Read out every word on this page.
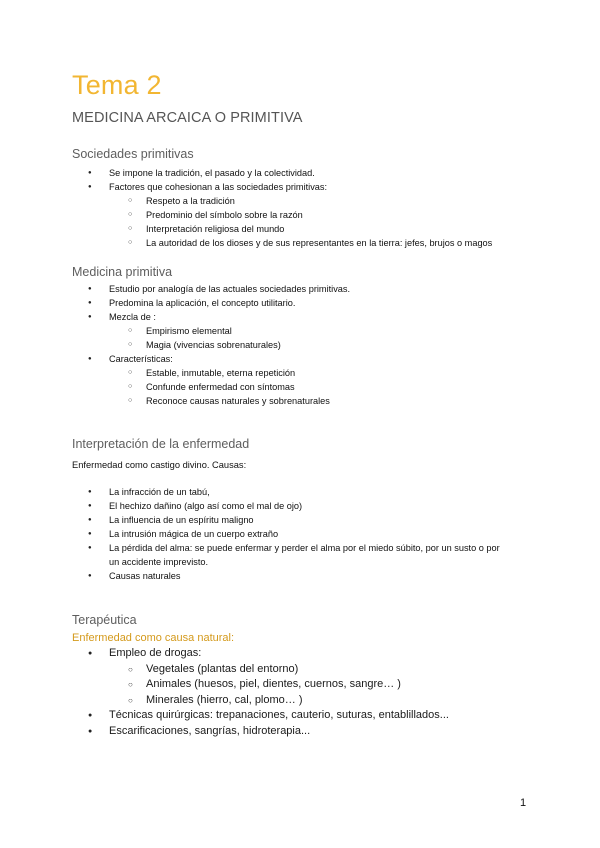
Tema 2
MEDICINA ARCAICA O PRIMITIVA
Sociedades primitivas
● Se impone la tradición, el pasado y la colectividad.
● Factores que cohesionan a las sociedades primitivas:
○ Respeto a la tradición
○ Predominio del símbolo sobre la razón
○ Interpretación religiosa del mundo
○ La autoridad de los dioses y de sus representantes en la tierra: jefes, brujos o magos
Medicina primitiva
● Estudio por analogía de las actuales sociedades primitivas.
● Predomina la aplicación, el concepto utilitario.
● Mezcla de :
○ Empirismo elemental
○ Magia (vivencias sobrenaturales)
● Características:
○ Estable, inmutable, eterna repetición
○ Confunde enfermedad con síntomas
○ Reconoce causas naturales y sobrenaturales
Interpretación de la enfermedad

Enfermedad como castigo divino. Causas:

● La infracción de un tabú,
● El hechizo dañino (algo así como el mal de ojo)
● La influencia de un espíritu maligno
● La intrusión mágica de un cuerpo extraño
● La pérdida del alma: se puede enfermar y perder el alma por el miedo súbito, por un susto o por un accidente imprevisto.
● Causas naturales
Terapéutica

Enfermedad como causa natural:

● Empleo de drogas:
○ Vegetales (plantas del entorno)
○ Animales (huesos, piel, dientes, cuernos, sangre… )
○ Minerales (hierro, cal, plomo… )
● Técnicas quirúrgicas: trepanaciones, cauterio, suturas, entablillados...
● Escarificaciones, sangrías, hidroterapia...

1
